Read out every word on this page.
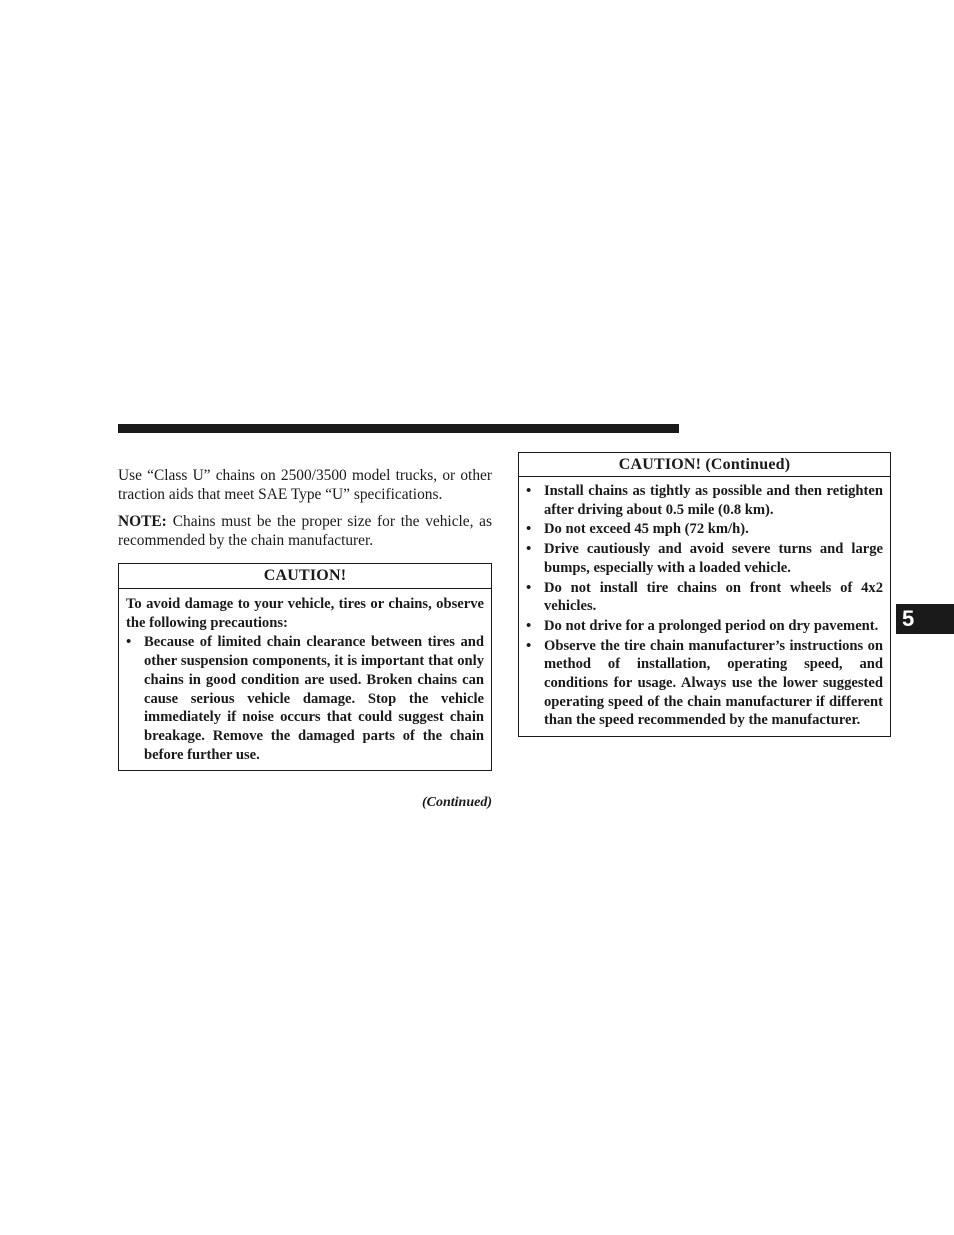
Use “Class U” chains on 2500/3500 model trucks, or other traction aids that meet SAE Type “U” specifications.

NOTE: Chains must be the proper size for the vehicle, as recommended by the chain manufacturer.

CAUTION!

To avoid damage to your vehicle, tires or chains, observe the following precautions:

• Because of limited chain clearance between tires and other suspension components, it is important that only chains in good condition are used. Broken chains can cause serious vehicle damage. Stop the vehicle immediately if noise occurs that could suggest chain breakage. Remove the damaged parts of the chain before further use.
(Continued)
CAUTION! (Continued)
• Install chains as tightly as possible and then retighten after driving about 0.5 mile (0.8 km).
• Do not exceed 45 mph (72 km/h).
• Drive cautiously and avoid severe turns and large bumps, especially with a loaded vehicle.
• Do not install tire chains on front wheels of 4x2 vehicles.
• Do not drive for a prolonged period on dry pavement.
• Observe the tire chain manufacturer’s instructions on method of installation, operating speed, and conditions for usage. Always use the lower suggested operating speed of the chain manufacturer if different than the speed recommended by the manufacturer.
5
